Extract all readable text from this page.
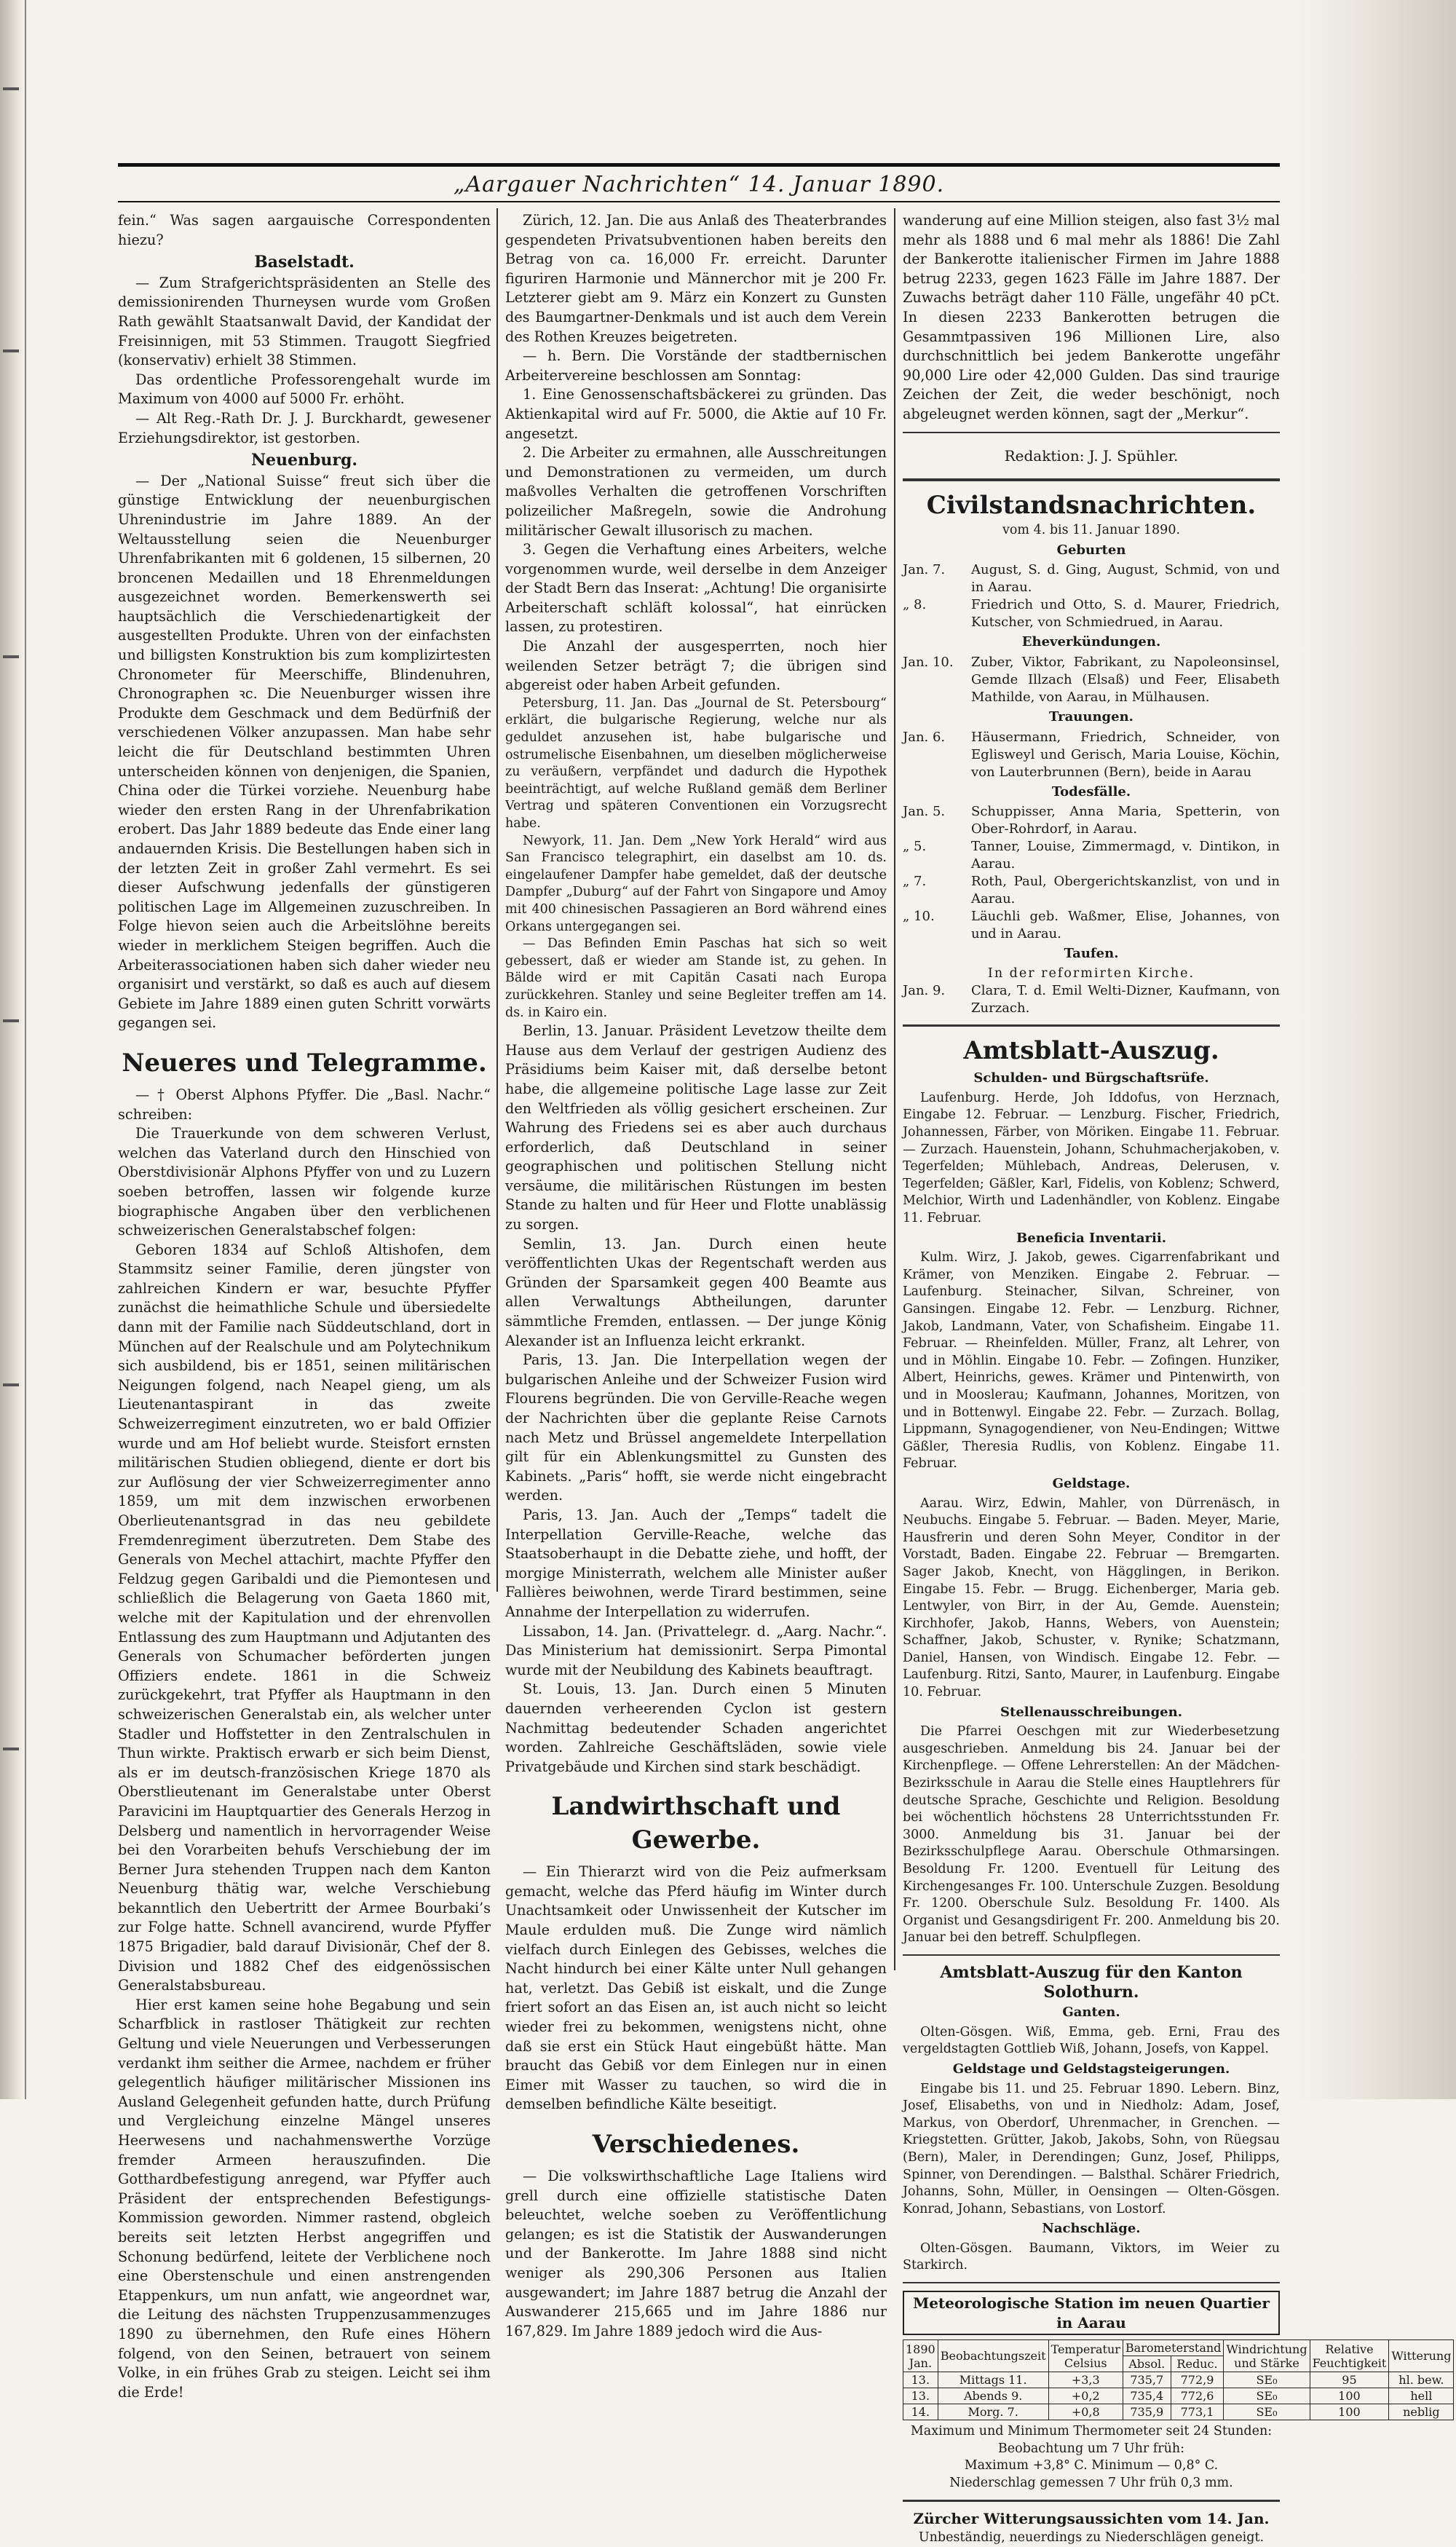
„Aargauer Nachrichten“ 14. Januar 1890.

fein.“ Was sagen aargauische Correspondenten hiezu?

Baselstadt.

— Zum Strafgerichtspräsidenten an Stelle des demissionirenden Thurneysen wurde vom Großen Rath gewählt Staatsanwalt David, der Kandidat der Freisinnigen, mit 53 Stimmen. Traugott Siegfried (konservativ) erhielt 38 Stimmen.

Das ordentliche Professorengehalt wurde im Maximum von 4000 auf 5000 Fr. erhöht.

— Alt Reg.-Rath Dr. J. J. Burckhardt, gewesener Erziehungsdirektor, ist gestorben.

Neuenburg.

— Der „National Suisse“ freut sich über die günstige Entwicklung der neuenburgischen Uhrenindustrie im Jahre 1889. An der Weltausstellung seien die Neuenburger Uhrenfabrikanten mit 6 goldenen, 15 silbernen, 20 broncenen Medaillen und 18 Ehrenmeldungen ausgezeichnet worden. Bemerkenswerth sei hauptsächlich die Verschiedenartigkeit der ausgestellten Produkte. Uhren von der einfachsten und billigsten Konstruktion bis zum komplizirtesten Chronometer für Meerschiffe, Blindenuhren, Chronographen ꝛc. Die Neuenburger wissen ihre Produkte dem Geschmack und dem Bedürfniß der verschiedenen Völker anzupassen. Man habe sehr leicht die für Deutschland bestimmten Uhren unterscheiden können von denjenigen, die Spanien, China oder die Türkei vorziehe. Neuenburg habe wieder den ersten Rang in der Uhrenfabrikation erobert. Das Jahr 1889 bedeute das Ende einer lang andauernden Krisis. Die Bestellungen haben sich in der letzten Zeit in großer Zahl vermehrt. Es sei dieser Aufschwung jedenfalls der günstigeren politischen Lage im Allgemeinen zuzuschreiben. In Folge hievon seien auch die Arbeitslöhne bereits wieder in merklichem Steigen begriffen. Auch die Arbeiterassociationen haben sich daher wieder neu organisirt und verstärkt, so daß es auch auf diesem Gebiete im Jahre 1889 einen guten Schritt vorwärts gegangen sei.

Neueres und Telegramme.

— † Oberst Alphons Pfyffer. Die „Basl. Nachr.“ schreiben:

Die Trauerkunde von dem schweren Verlust, welchen das Vaterland durch den Hinschied von Oberstdivisionär Alphons Pfyffer von und zu Luzern soeben betroffen, lassen wir folgende kurze biographische Angaben über den verblichenen schweizerischen Generalstabschef folgen:

Geboren 1834 auf Schloß Altishofen, dem Stammsitz seiner Familie, deren jüngster von zahlreichen Kindern er war, besuchte Pfyffer zunächst die heimathliche Schule und übersiedelte dann mit der Familie nach Süddeutschland, dort in München auf der Realschule und am Polytechnikum sich ausbildend, bis er 1851, seinen militärischen Neigungen folgend, nach Neapel gieng, um als Lieutenantaspirant in das zweite Schweizerregiment einzutreten, wo er bald Offizier wurde und am Hof beliebt wurde. Steisfort ernsten militärischen Studien obliegend, diente er dort bis zur Auflösung der vier Schweizerregimenter anno 1859, um mit dem inzwischen erworbenen Oberlieutenantsgrad in das neu gebildete Fremdenregiment überzutreten. Dem Stabe des Generals von Mechel attachirt, machte Pfyffer den Feldzug gegen Garibaldi und die Piemontesen und schließlich die Belagerung von Gaeta 1860 mit, welche mit der Kapitulation und der ehrenvollen Entlassung des zum Hauptmann und Adjutanten des Generals von Schumacher beförderten jungen Offiziers endete. 1861 in die Schweiz zurückgekehrt, trat Pfyffer als Hauptmann in den schweizerischen Generalstab ein, als welcher unter Stadler und Hoffstetter in den Zentralschulen in Thun wirkte. Praktisch erwarb er sich beim Dienst, als er im deutsch-französischen Kriege 1870 als Oberstlieutenant im Generalstabe unter Oberst Paravicini im Hauptquartier des Generals Herzog in Delsberg und namentlich in hervorragender Weise bei den Vorarbeiten behufs Verschiebung der im Berner Jura stehenden Truppen nach dem Kanton Neuenburg thätig war, welche Verschiebung bekanntlich den Uebertritt der Armee Bourbaki’s zur Folge hatte. Schnell avancirend, wurde Pfyffer 1875 Brigadier, bald darauf Divisionär, Chef der 8. Division und 1882 Chef des eidgenössischen Generalstabsbureau.

Hier erst kamen seine hohe Begabung und sein Scharfblick in rastloser Thätigkeit zur rechten Geltung und viele Neuerungen und Verbesserungen verdankt ihm seither die Armee, nachdem er früher gelegentlich häufiger militärischer Missionen ins Ausland Gelegenheit gefunden hatte, durch Prüfung und Vergleichung einzelne Mängel unseres Heerwesens und nachahmenswerthe Vorzüge fremder Armeen herauszufinden. Die Gotthardbefestigung anregend, war Pfyffer auch Präsident der entsprechenden Befestigungs-Kommission geworden. Nimmer rastend, obgleich bereits seit letzten Herbst angegriffen und Schonung bedürfend, leitete der Verblichene noch eine Oberstenschule und einen anstrengenden Etappenkurs, um nun anfatt, wie angeordnet war, die Leitung des nächsten Truppenzusammenzuges 1890 zu übernehmen, den Rufe eines Höhern folgend, von den Seinen, betrauert von seinem Volke, in ein frühes Grab zu steigen. Leicht sei ihm die Erde!

Zürich, 12. Jan. Die aus Anlaß des Theaterbrandes gespendeten Privatsubventionen haben bereits den Betrag von ca. 16,000 Fr. erreicht. Darunter figuriren Harmonie und Männerchor mit je 200 Fr. Letzterer giebt am 9. März ein Konzert zu Gunsten des Baumgartner-Denkmals und ist auch dem Verein des Rothen Kreuzes beigetreten.

— h. Bern. Die Vorstände der stadtbernischen Arbeitervereine beschlossen am Sonntag:

1. Eine Genossenschaftsbäckerei zu gründen. Das Aktienkapital wird auf Fr. 5000, die Aktie auf 10 Fr. angesetzt.

2. Die Arbeiter zu ermahnen, alle Ausschreitungen und Demonstrationen zu vermeiden, um durch maßvolles Verhalten die getroffenen Vorschriften polizeilicher Maßregeln, sowie die Androhung militärischer Gewalt illusorisch zu machen.

3. Gegen die Verhaftung eines Arbeiters, welche vorgenommen wurde, weil derselbe in dem Anzeiger der Stadt Bern das Inserat: „Achtung! Die organisirte Arbeiterschaft schläft kolossal“, hat einrücken lassen, zu protestiren.

Die Anzahl der ausgesperrten, noch hier weilenden Setzer beträgt 7; die übrigen sind abgereist oder haben Arbeit gefunden.

Petersburg, 11. Jan. Das „Journal de St. Petersbourg“ erklärt, die bulgarische Regierung, welche nur als geduldet anzusehen ist, habe bulgarische und ostrumelische Eisenbahnen, um dieselben möglicherweise zu veräußern, verpfändet und dadurch die Hypothek beeinträchtigt, auf welche Rußland gemäß dem Berliner Vertrag und späteren Conventionen ein Vorzugsrecht habe.

Newyork, 11. Jan. Dem „New York Herald“ wird aus San Francisco telegraphirt, ein daselbst am 10. ds. eingelaufener Dampfer habe gemeldet, daß der deutsche Dampfer „Duburg“ auf der Fahrt von Singapore und Amoy mit 400 chinesischen Passagieren an Bord während eines Orkans untergegangen sei.

— Das Befinden Emin Paschas hat sich so weit gebessert, daß er wieder am Stande ist, zu gehen. In Bälde wird er mit Capitän Casati nach Europa zurückkehren. Stanley und seine Begleiter treffen am 14. ds. in Kairo ein.

Berlin, 13. Januar. Präsident Levetzow theilte dem Hause aus dem Verlauf der gestrigen Audienz des Präsidiums beim Kaiser mit, daß derselbe betont habe, die allgemeine politische Lage lasse zur Zeit den Weltfrieden als völlig gesichert erscheinen. Zur Wahrung des Friedens sei es aber auch durchaus erforderlich, daß Deutschland in seiner geographischen und politischen Stellung nicht versäume, die militärischen Rüstungen im besten Stande zu halten und für Heer und Flotte unablässig zu sorgen.

Semlin, 13. Jan. Durch einen heute veröffentlichten Ukas der Regentschaft werden aus Gründen der Sparsamkeit gegen 400 Beamte aus allen Verwaltungs Abtheilungen, darunter sämmtliche Fremden, entlassen. — Der junge König Alexander ist an Influenza leicht erkrankt.

Paris, 13. Jan. Die Interpellation wegen der bulgarischen Anleihe und der Schweizer Fusion wird Flourens begründen. Die von Gerville-Reache wegen der Nachrichten über die geplante Reise Carnots nach Metz und Brüssel angemeldete Interpellation gilt für ein Ablenkungsmittel zu Gunsten des Kabinets. „Paris“ hofft, sie werde nicht eingebracht werden.

Paris, 13. Jan. Auch der „Temps“ tadelt die Interpellation Gerville-Reache, welche das Staatsoberhaupt in die Debatte ziehe, und hofft, der morgige Ministerrath, welchem alle Minister außer Fallières beiwohnen, werde Tirard bestimmen, seine Annahme der Interpellation zu widerrufen.

Lissabon, 14. Jan. (Privattelegr. d. „Aarg. Nachr.“. Das Ministerium hat demissionirt. Serpa Pimontal wurde mit der Neubildung des Kabinets beauftragt.

St. Louis, 13. Jan. Durch einen 5 Minuten dauernden verheerenden Cyclon ist gestern Nachmittag bedeutender Schaden angerichtet worden. Zahlreiche Geschäftsläden, sowie viele Privatgebäude und Kirchen sind stark beschädigt.

Landwirthschaft und Gewerbe.

— Ein Thierarzt wird von die Peiz aufmerksam gemacht, welche das Pferd häufig im Winter durch Unachtsamkeit oder Unwissenheit der Kutscher im Maule erdulden muß. Die Zunge wird nämlich vielfach durch Einlegen des Gebisses, welches die Nacht hindurch bei einer Kälte unter Null gehangen hat, verletzt. Das Gebiß ist eiskalt, und die Zunge friert sofort an das Eisen an, ist auch nicht so leicht wieder frei zu bekommen, wenigstens nicht, ohne daß sie erst ein Stück Haut eingebüßt hätte. Man braucht das Gebiß vor dem Einlegen nur in einen Eimer mit Wasser zu tauchen, so wird die in demselben befindliche Kälte beseitigt.

Verschiedenes.

— Die volkswirthschaftliche Lage Italiens wird grell durch eine offizielle statistische Daten beleuchtet, welche soeben zu Veröffentlichung gelangen; es ist die Statistik der Auswanderungen und der Bankerotte. Im Jahre 1888 sind nicht weniger als 290,306 Personen aus Italien ausgewandert; im Jahre 1887 betrug die Anzahl der Auswanderer 215,665 und im Jahre 1886 nur 167,829. Im Jahre 1889 jedoch wird die Aus-

wanderung auf eine Million steigen, also fast 3½ mal mehr als 1888 und 6 mal mehr als 1886! Die Zahl der Bankerotte italienischer Firmen im Jahre 1888 betrug 2233, gegen 1623 Fälle im Jahre 1887. Der Zuwachs beträgt daher 110 Fälle, ungefähr 40 pCt. In diesen 2233 Bankerotten betrugen die Gesammtpassiven 196 Millionen Lire, also durchschnittlich bei jedem Bankerotte ungefähr 90,000 Lire oder 42,000 Gulden. Das sind traurige Zeichen der Zeit, die weder beschönigt, noch abgeleugnet werden können, sagt der „Merkur“.

Redaktion: J. J. Spühler.
Civilstandsnachrichten.
vom 4. bis 11. Januar 1890.
Geburten
Jan. 7.	August, S. d. Ging, August, Schmid, von und in Aarau.
„ 8.	Friedrich und Otto, S. d. Maurer, Friedrich, Kutscher, von Schmiedrued, in Aarau.
Eheverkündungen.
Jan. 10.	Zuber, Viktor, Fabrikant, zu Napoleonsinsel, Gemde Illzach (Elsaß) und Feer, Elisabeth Mathilde, von Aarau, in Mülhausen.
Trauungen.
Jan. 6.	Häusermann, Friedrich, Schneider, von Eglisweyl und Gerisch, Maria Louise, Köchin, von Lauterbrunnen (Bern), beide in Aarau
Todesfälle.
Jan. 5.	Schuppisser, Anna Maria, Spetterin, von Ober-Rohrdorf, in Aarau.
„ 5.	Tanner, Louise, Zimmermagd, v. Dintikon, in Aarau.
„ 7.	Roth, Paul, Obergerichtskanzlist, von und in Aarau.
„ 10.	Läuchli geb. Waßmer, Elise, Johannes, von und in Aarau.
Taufen.
In der reformirten Kirche.
Jan. 9.	Clara, T. d. Emil Welti-Dizner, Kaufmann, von Zurzach.
Amtsblatt-Auszug.
Schulden- und Bürgschaftsrüfe.

Laufenburg. Herde, Joh Iddofus, von Herznach, Eingabe 12. Februar. — Lenzburg. Fischer, Friedrich, Johannessen, Färber, von Möriken. Eingabe 11. Februar. — Zurzach. Hauenstein, Johann, Schuhmacherjakoben, v. Tegerfelden; Mühlebach, Andreas, Delerusen, v. Tegerfelden; Gäßler, Karl, Fidelis, von Koblenz; Schwerd, Melchior, Wirth und Ladenhändler, von Koblenz. Eingabe 11. Februar.

Beneficia Inventarii.

Kulm. Wirz, J. Jakob, gewes. Cigarrenfabrikant und Krämer, von Menziken. Eingabe 2. Februar. — Laufenburg. Steinacher, Silvan, Schreiner, von Gansingen. Eingabe 12. Febr. — Lenzburg. Richner, Jakob, Landmann, Vater, von Schafisheim. Eingabe 11. Februar. — Rheinfelden. Müller, Franz, alt Lehrer, von und in Möhlin. Eingabe 10. Febr. — Zofingen. Hunziker, Albert, Heinrichs, gewes. Krämer und Pintenwirth, von und in Mooslerau; Kaufmann, Johannes, Moritzen, von und in Bottenwyl. Eingabe 22. Febr. — Zurzach. Bollag, Lippmann, Synagogendiener, von Neu-Endingen; Wittwe Gäßler, Theresia Rudlis, von Koblenz. Eingabe 11. Februar.

Geldstage.

Aarau. Wirz, Edwin, Mahler, von Dürrenäsch, in Neubuchs. Eingabe 5. Februar. — Baden. Meyer, Marie, Hausfrerin und deren Sohn Meyer, Conditor in der Vorstadt, Baden. Eingabe 22. Februar — Bremgarten. Sager Jakob, Knecht, von Hägglingen, in Berikon. Eingabe 15. Febr. — Brugg. Eichenberger, Maria geb. Lentwyler, von Birr, in der Au, Gemde. Auenstein; Kirchhofer, Jakob, Hanns, Webers, von Auenstein; Schaffner, Jakob, Schuster, v. Rynike; Schatzmann, Daniel, Hansen, von Windisch. Eingabe 12. Febr. — Laufenburg. Ritzi, Santo, Maurer, in Laufenburg. Eingabe 10. Februar.

Stellenausschreibungen.

Die Pfarrei Oeschgen mit zur Wiederbesetzung ausgeschrieben. Anmeldung bis 24. Januar bei der Kirchenpflege. — Offene Lehrerstellen: An der Mädchen-Bezirksschule in Aarau die Stelle eines Hauptlehrers für deutsche Sprache, Geschichte und Religion. Besoldung bei wöchentlich höchstens 28 Unterrichtsstunden Fr. 3000. Anmeldung bis 31. Januar bei der Bezirksschulpflege Aarau. Oberschule Othmarsingen. Besoldung Fr. 1200. Eventuell für Leitung des Kirchengesanges Fr. 100. Unterschule Zuzgen. Besoldung Fr. 1200. Oberschule Sulz. Besoldung Fr. 1400. Als Organist und Gesangsdirigent Fr. 200. Anmeldung bis 20. Januar bei den betreff. Schulpflegen.

Amtsblatt-Auszug für den Kanton Solothurn.
Ganten.

Olten-Gösgen. Wiß, Emma, geb. Erni, Frau des vergeldstagten Gottlieb Wiß, Johann, Josefs, von Kappel.

Geldstage und Geldstagsteigerungen.

Eingabe bis 11. und 25. Februar 1890. Lebern. Binz, Josef, Elisabeths, von und in Niedholz: Adam, Josef, Markus, von Oberdorf, Uhrenmacher, in Grenchen. — Kriegstetten. Grütter, Jakob, Jakobs, Sohn, von Rüegsau (Bern), Maler, in Derendingen; Gunz, Josef, Philipps, Spinner, von Derendingen. — Balsthal. Schärer Friedrich, Johanns, Sohn, Müller, in Oensingen — Olten-Gösgen. Konrad, Johann, Sebastians, von Lostorf.

Nachschläge.

Olten-Gösgen. Baumann, Viktors, im Weier zu Starkirch.

Meteorologische Station im neuen Quartier in Aarau
1890 Jan.	Beobachtungszeit	Temperatur Celsius	Barometerstand		Windrichtung und Stärke	Relative Feuchtigkeit	Witterung
			Absol.	Reduc.			
13.	Mittags 11.	+3,3	735,7	772,9	SE₀	95	hl. bew.
13.	Abends 9.	+0,2	735,4	772,6	SE₀	100	hell
14.	Morg. 7.	+0,8	735,9	773,1	SE₀	100	neblig
Maximum und Minimum Thermometer seit 24 Stunden:
Beobachtung um 7 Uhr früh:
Maximum +3,8° C. Minimum — 0,8° C.
Niederschlag gemessen 7 Uhr früh 0,3 mm.
Zürcher Witterungsaussichten vom 14. Jan.
Unbeständig, neuerdings zu Niederschlägen geneigt.
